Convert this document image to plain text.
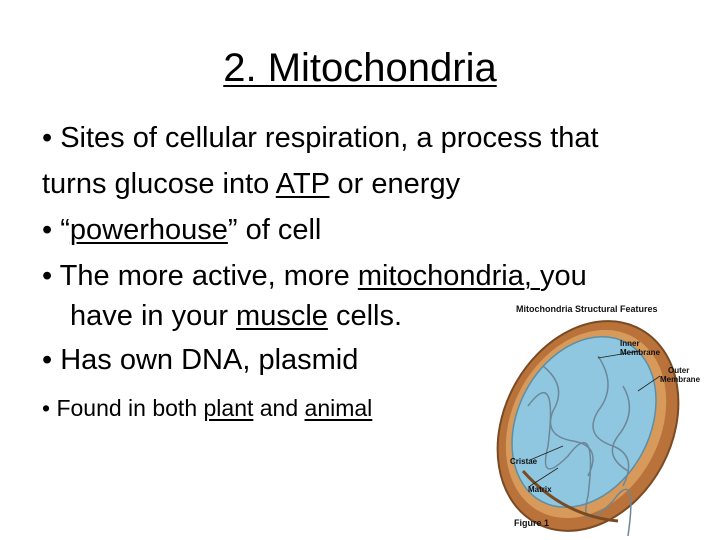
2. Mitochondria
• Sites of cellular respiration, a process that
turns glucose into ATP or energy
• “powerhouse” of cell
• The more active, more mitochondria, you
have in your muscle cells.
• Has own DNA, plasmid
• Found in both plant and animal
Mitochondria Structural Features
Inner
Membrane
Outer
Membrane
Cristae
Matrix
Figure 1
